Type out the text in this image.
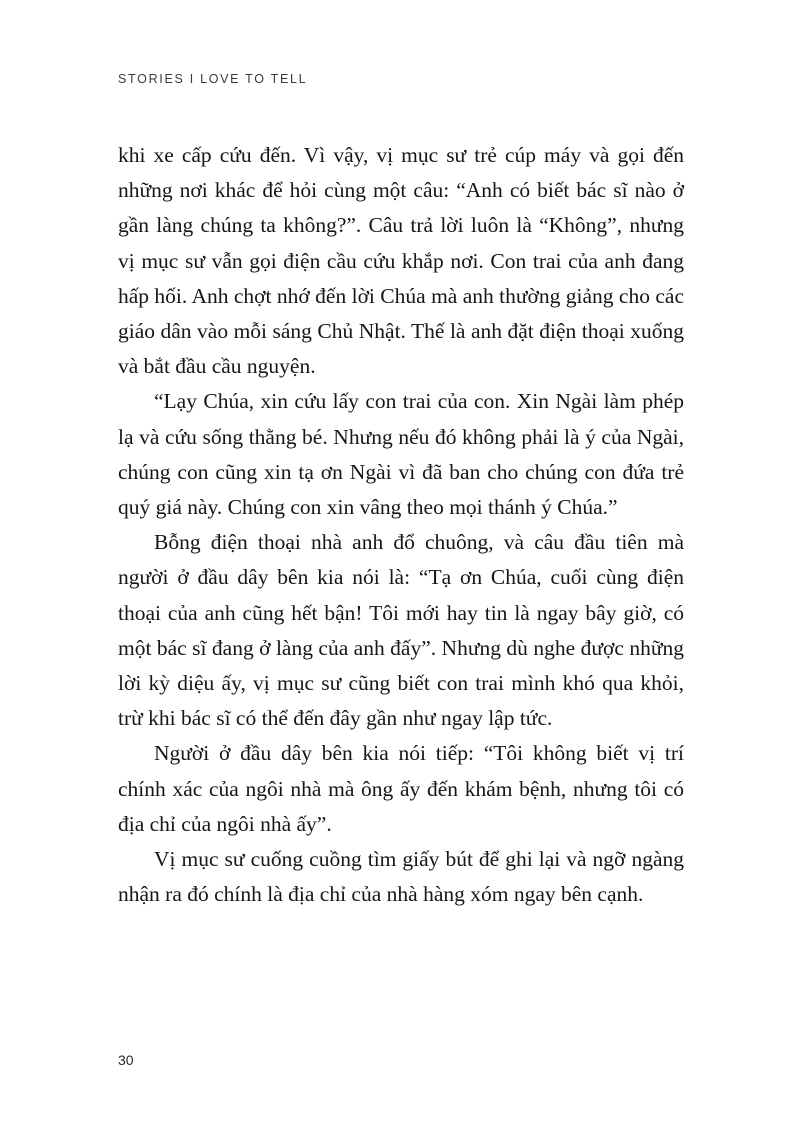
STORIES I LOVE TO TELL

khi xe cấp cứu đến. Vì vậy, vị mục sư trẻ cúp máy và gọi đến những nơi khác để hỏi cùng một câu: “Anh có biết bác sĩ nào ở gần làng chúng ta không?”. Câu trả lời luôn là “Không”, nhưng vị mục sư vẫn gọi điện cầu cứu khắp nơi. Con trai của anh đang hấp hối. Anh chợt nhớ đến lời Chúa mà anh thường giảng cho các giáo dân vào mỗi sáng Chủ Nhật. Thế là anh đặt điện thoại xuống và bắt đầu cầu nguyện.

“Lạy Chúa, xin cứu lấy con trai của con. Xin Ngài làm phép lạ và cứu sống thằng bé. Nhưng nếu đó không phải là ý của Ngài, chúng con cũng xin tạ ơn Ngài vì đã ban cho chúng con đứa trẻ quý giá này. Chúng con xin vâng theo mọi thánh ý Chúa.”

Bỗng điện thoại nhà anh đổ chuông, và câu đầu tiên mà người ở đầu dây bên kia nói là: “Tạ ơn Chúa, cuối cùng điện thoại của anh cũng hết bận! Tôi mới hay tin là ngay bây giờ, có một bác sĩ đang ở làng của anh đấy”. Nhưng dù nghe được những lời kỳ diệu ấy, vị mục sư cũng biết con trai mình khó qua khỏi, trừ khi bác sĩ có thể đến đây gần như ngay lập tức.

Người ở đầu dây bên kia nói tiếp: “Tôi không biết vị trí chính xác của ngôi nhà mà ông ấy đến khám bệnh, nhưng tôi có địa chỉ của ngôi nhà ấy”.

Vị mục sư cuống cuồng tìm giấy bút để ghi lại và ngỡ ngàng nhận ra đó chính là địa chỉ của nhà hàng xóm ngay bên cạnh.

30
